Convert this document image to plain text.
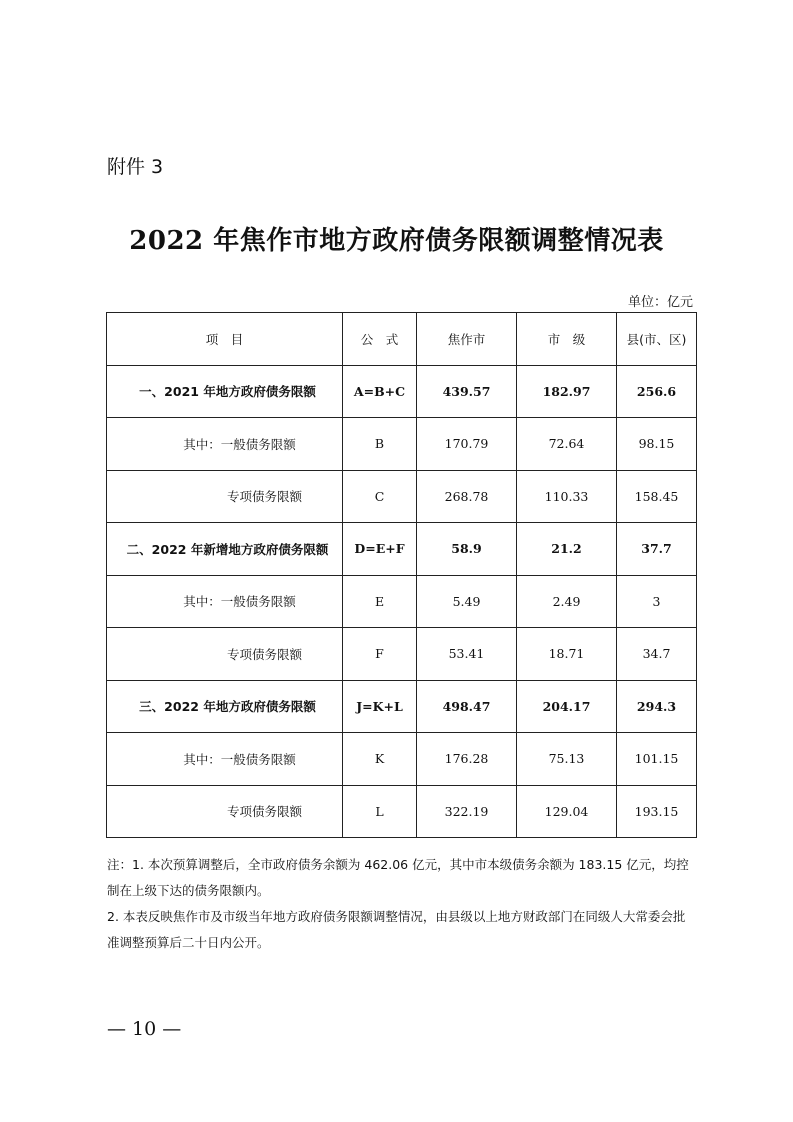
附件 3
2022 年焦作市地方政府债务限额调整情况表
单位：亿元
项　目	公　式	焦作市	市　级	县(市、区)
一、2021 年地方政府债务限额	A=B+C	439.57	182.97	256.6
其中：一般债务限额	B	170.79	72.64	98.15
专项债务限额	C	268.78	110.33	158.45
二、2022 年新增地方政府债务限额	D=E+F	58.9	21.2	37.7
其中：一般债务限额	E	5.49	2.49	3
专项债务限额	F	53.41	18.71	34.7
三、2022 年地方政府债务限额	J=K+L	498.47	204.17	294.3
其中：一般债务限额	K	176.28	75.13	101.15
专项债务限额	L	322.19	129.04	193.15

注：1. 本次预算调整后，全市政府债务余额为 462.06 亿元，其中市本级债务余额为 183.15 亿元，均控制在上级下达的债务限额内。

2. 本表反映焦作市及市级当年地方政府债务限额调整情况，由县级以上地方财政部门在同级人大常委会批准调整预算后二十日内公开。

— 10 —
